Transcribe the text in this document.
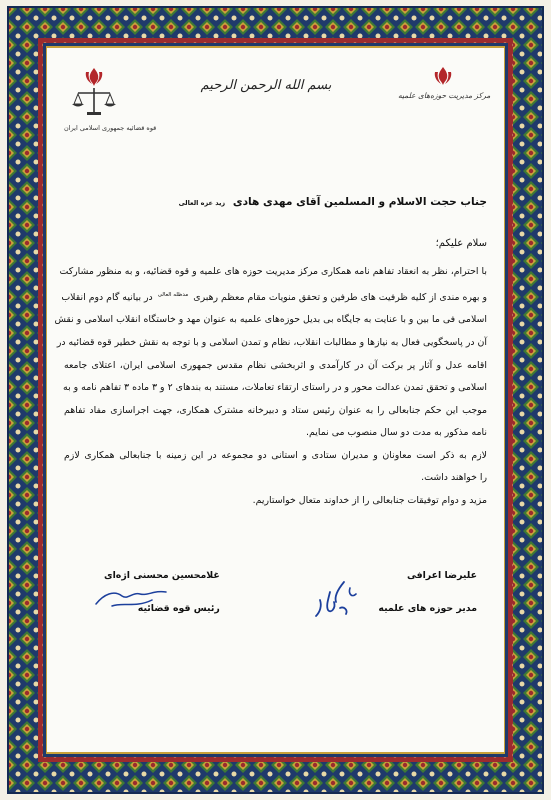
مرکز مدیریت حوزه‌های علمیه
بسم الله الرحمن الرحیم
قوه قضائیه جمهوری اسلامی ایران
جناب حجت الاسلام و المسلمین آقای مهدی هادی زید عزه العالی
سلام علیکم؛
با احترام، نظر به انعقاد تفاهم نامه همکاری مرکز مدیریت حوزه های علمیه و قوه قضائیه، و به منظور مشارکت
و بهره مندی از کلیه ظرفیت های طرفین و تحقق منویات مقام معظم رهبری $^{مدظله العالی}$ در بیانیه گام دوم انقلاب
اسلامی فی ما بین و با عنایت به جایگاه بی بدیل حوزه‌های علمیه به عنوان مهد و خاستگاه انقلاب اسلامی و نقش
آن در پاسخگویی فعال به نیازها و مطالبات انقلاب، نظام و تمدن اسلامی و با توجه به نقش خطیر قوه قضائیه در
اقامه عدل و آثار پر برکت آن در کارآمدی و اثربخشی نظام مقدس جمهوری اسلامی ایران، اعتلای جامعه
اسلامی و تحقق تمدن عدالت محور و در راستای ارتقاء تعاملات، مستند به بندهای ۲ و ۳ ماده ۳ تفاهم نامه و به
موجب این حکم جنابعالی را به عنوان رئیس ستاد و دبیرخانه مشترک همکاری، جهت اجراسازی مفاد تفاهم
نامه مذکور به مدت دو سال منصوب می نمایم.
لازم به ذکر است معاونان و مدیران ستادی و استانی دو مجموعه در این زمینه با جنابعالی همکاری لازم
را خواهند داشت.
مزید و دوام توفیقات جنابعالی را از خداوند متعال خواستاریم.
علیرضا اعرافی
مدیر حوزه های علمیه
غلامحسین محسنی اژه‌ای
رئیس قوه قضائیه
